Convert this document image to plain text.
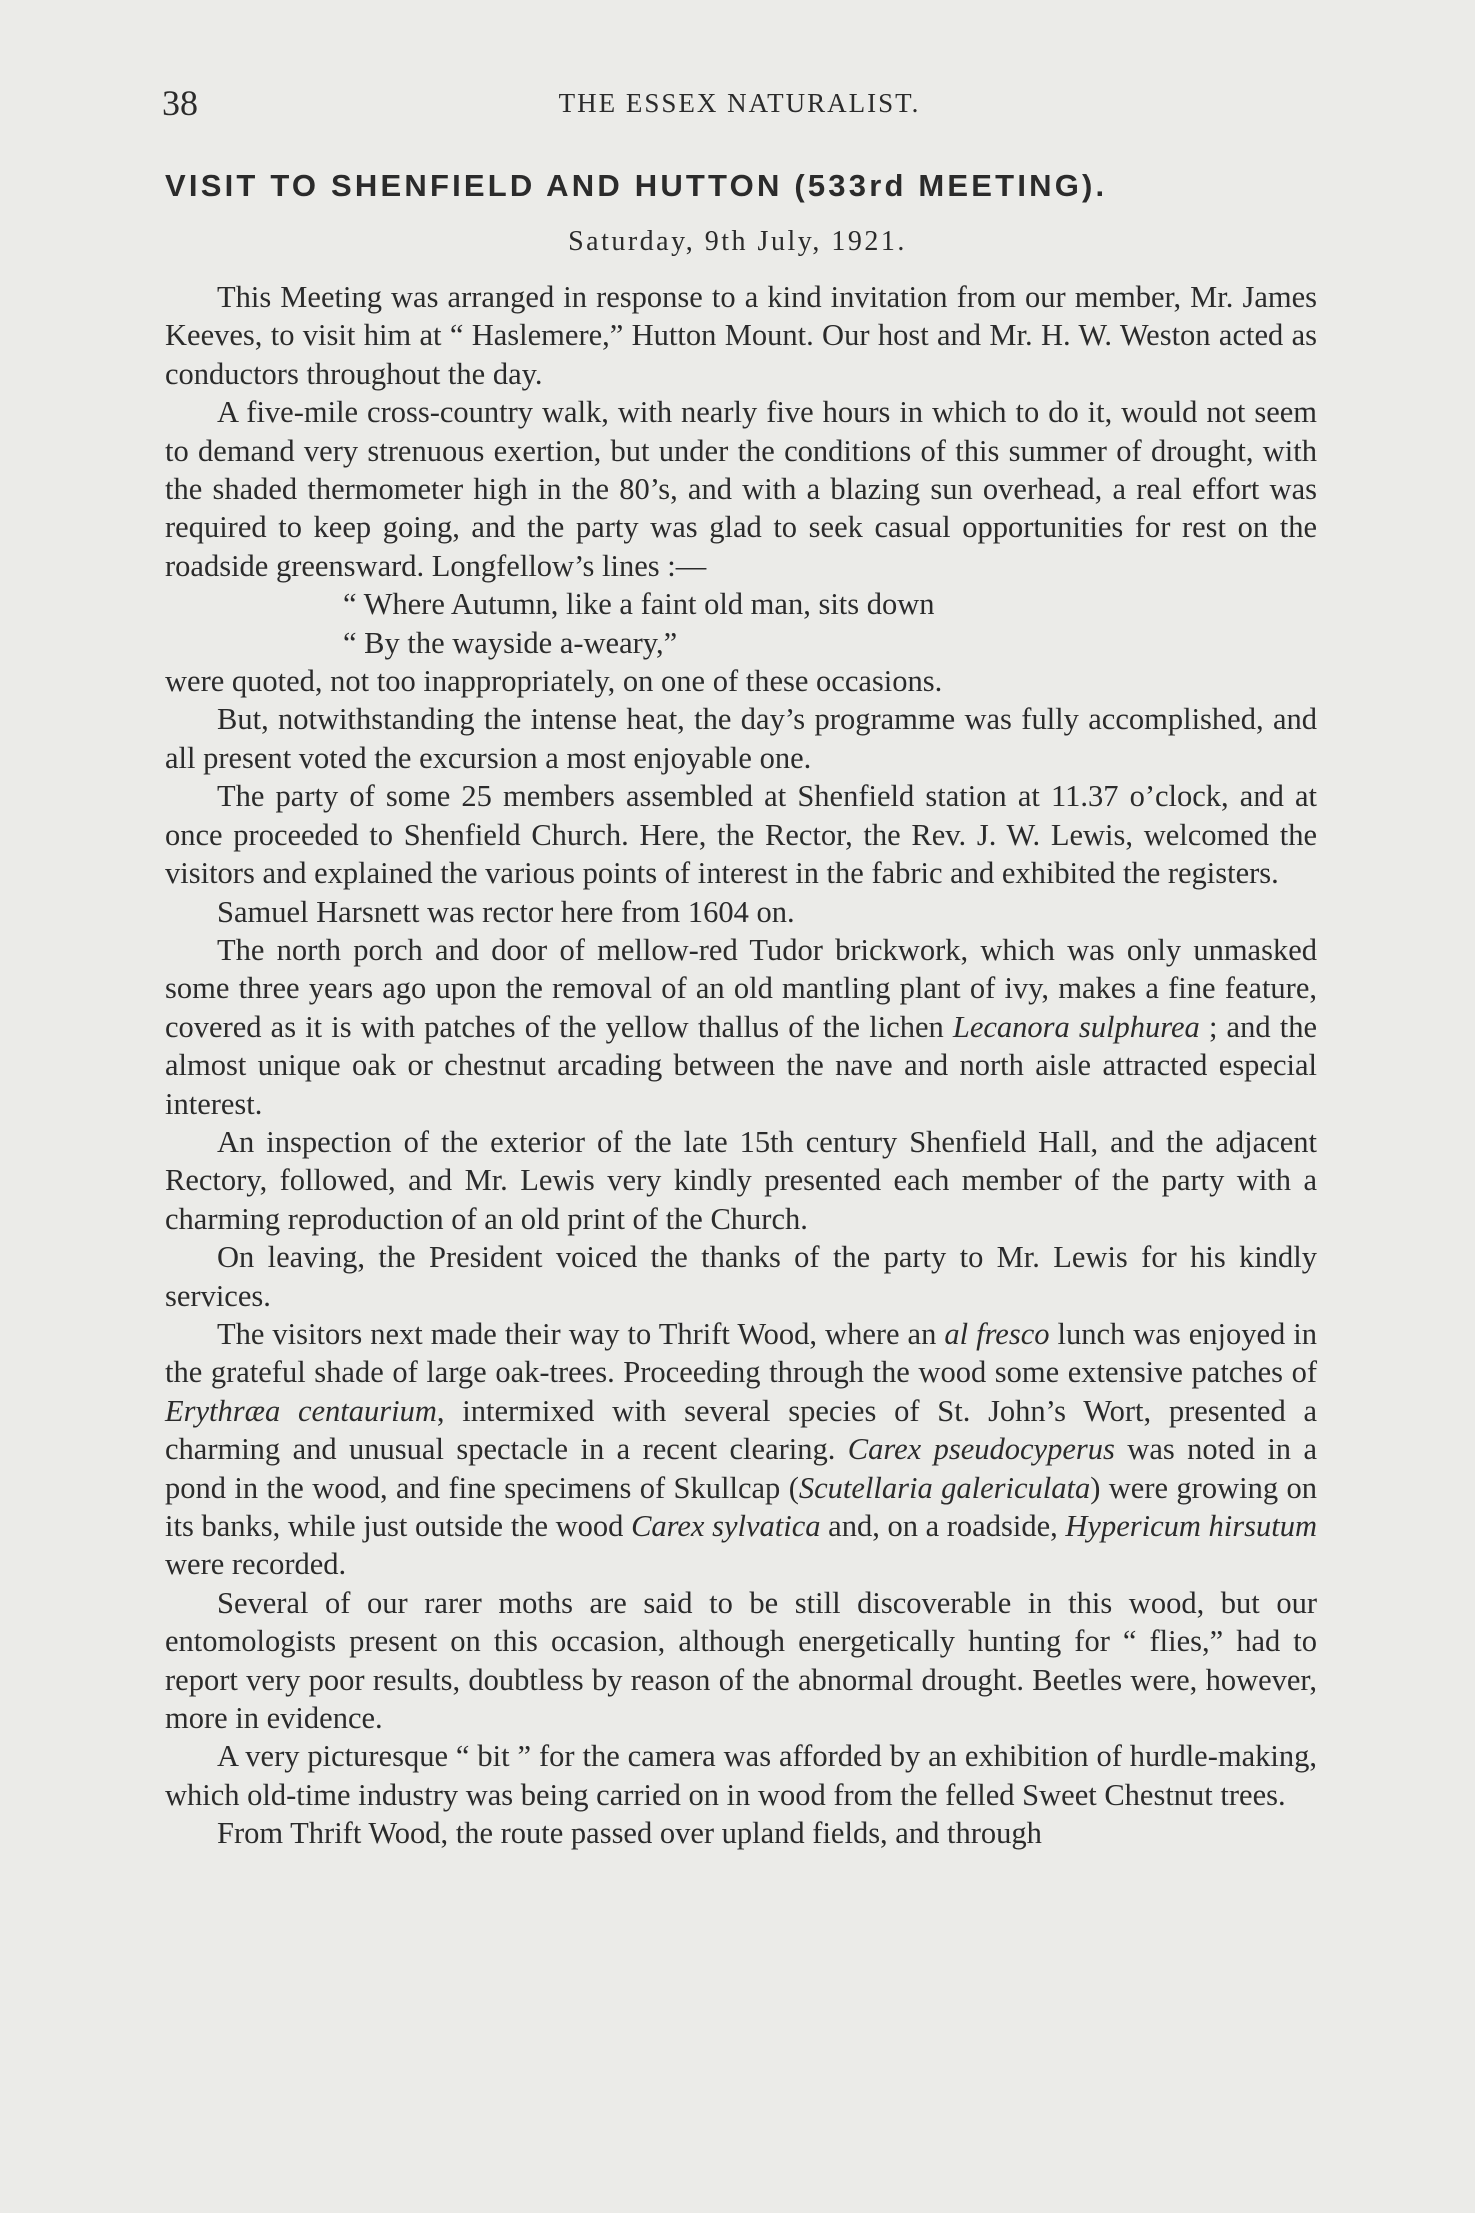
38	THE ESSEX NATURALIST.
VISIT TO SHENFIELD AND HUTTON (533rd MEETING).
Saturday, 9th July, 1921.

This Meeting was arranged in response to a kind invitation from our member, Mr. James Keeves, to visit him at “ Haslemere,” Hutton Mount. Our host and Mr. H. W. Weston acted as conductors throughout the day.

A five-mile cross-country walk, with nearly five hours in which to do it, would not seem to demand very strenuous exertion, but under the conditions of this summer of drought, with the shaded thermometer high in the 80’s, and with a blazing sun overhead, a real effort was required to keep going, and the party was glad to seek casual opportunities for rest on the roadside greensward. Longfellow’s lines :—

“ Where Autumn, like a faint old man, sits down
“ By the wayside a-weary,”

were quoted, not too inappropriately, on one of these occasions.

But, notwithstanding the intense heat, the day’s programme was fully accomplished, and all present voted the excursion a most enjoyable one.

The party of some 25 members assembled at Shenfield station at 11.37 o’clock, and at once proceeded to Shenfield Church. Here, the Rector, the Rev. J. W. Lewis, welcomed the visitors and explained the various points of interest in the fabric and exhibited the registers.

Samuel Harsnett was rector here from 1604 on.

The north porch and door of mellow-red Tudor brickwork, which was only unmasked some three years ago upon the removal of an old mantling plant of ivy, makes a fine feature, covered as it is with patches of the yellow thallus of the lichen Lecanora sulphurea ; and the almost unique oak or chestnut arcading between the nave and north aisle attracted especial interest.

An inspection of the exterior of the late 15th century Shenfield Hall, and the adjacent Rectory, followed, and Mr. Lewis very kindly presented each member of the party with a charming reproduction of an old print of the Church.

On leaving, the President voiced the thanks of the party to Mr. Lewis for his kindly services.

The visitors next made their way to Thrift Wood, where an al fresco lunch was enjoyed in the grateful shade of large oak-trees. Proceeding through the wood some extensive patches of Erythræa centaurium, intermixed with several species of St. John’s Wort, presented a charming and unusual spectacle in a recent clearing. Carex pseudocyperus was noted in a pond in the wood, and fine specimens of Skullcap (Scutellaria galericulata) were growing on its banks, while just outside the wood Carex sylvatica and, on a roadside, Hypericum hirsutum were recorded.

Several of our rarer moths are said to be still discoverable in this wood, but our entomologists present on this occasion, although energetically hunting for “ flies,” had to report very poor results, doubtless by reason of the abnormal drought. Beetles were, however, more in evidence.

A very picturesque “ bit ” for the camera was afforded by an exhibition of hurdle-making, which old-time industry was being carried on in wood from the felled Sweet Chestnut trees.

From Thrift Wood, the route passed over upland fields, and through
